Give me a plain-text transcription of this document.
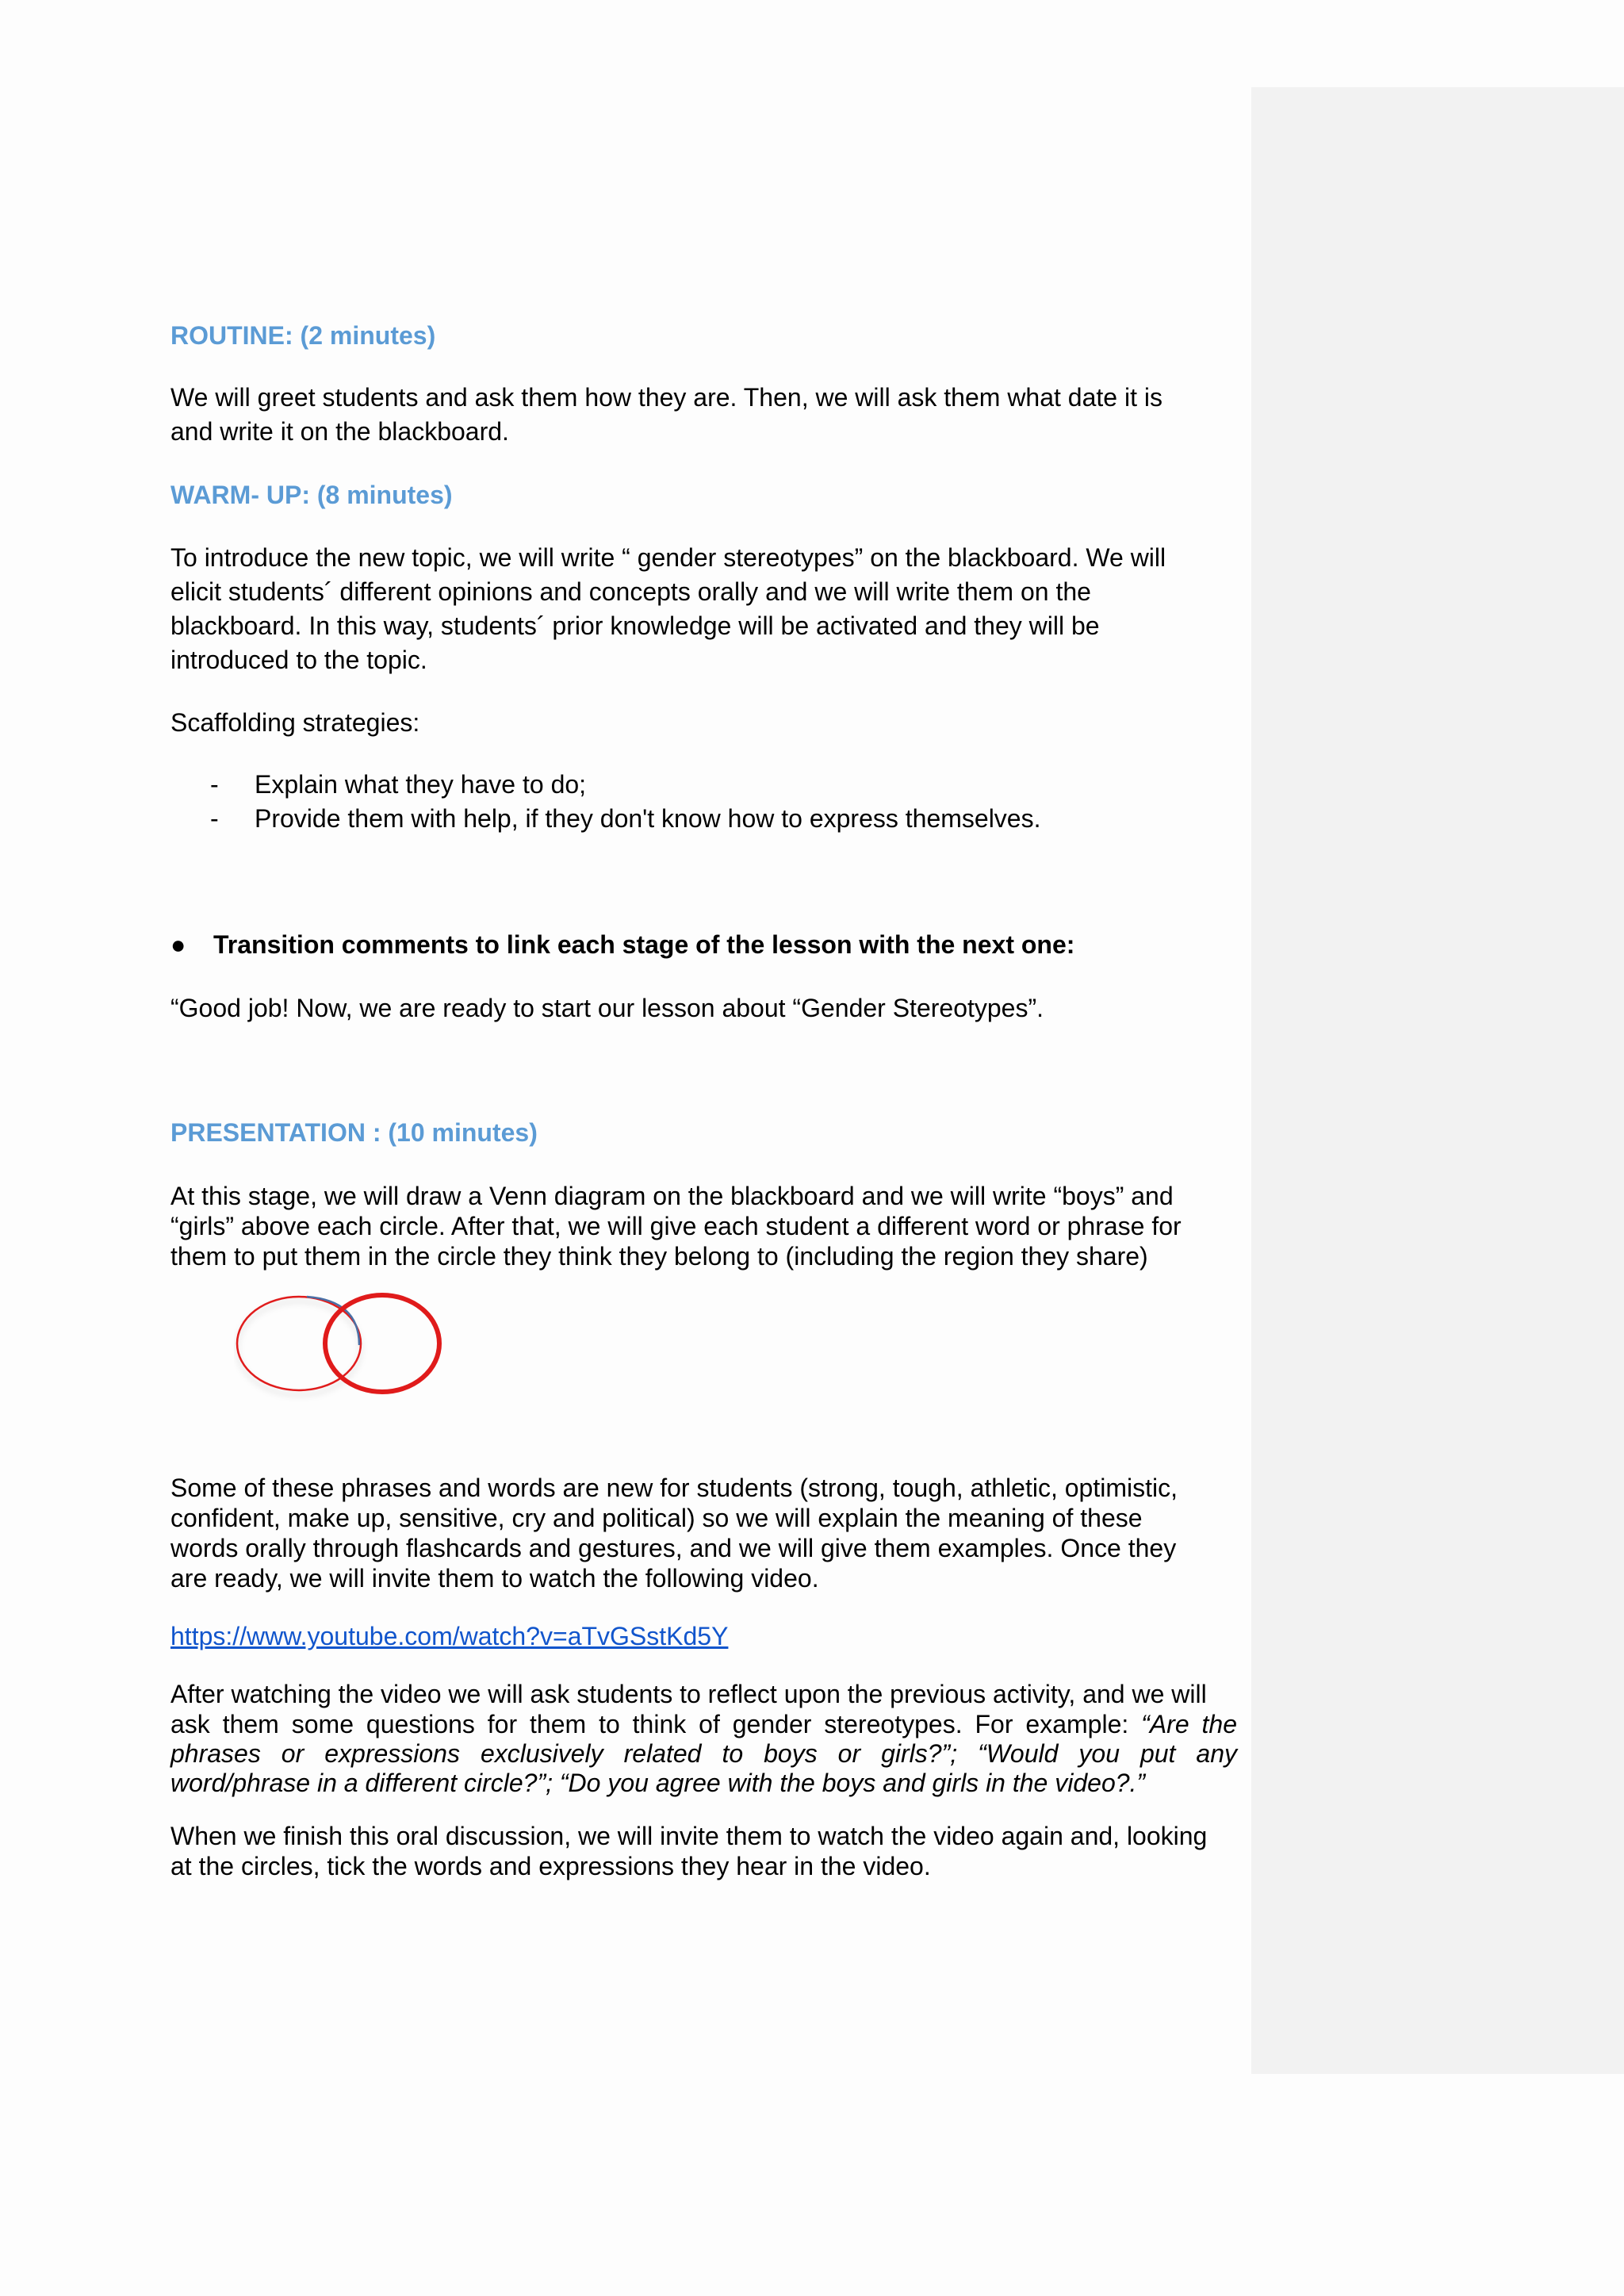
ROUTINE: (2 minutes)

We will greet students and ask them how they are. Then, we will ask them what date it is

and write it on the blackboard.

WARM- UP: (8 minutes)

To introduce the new topic, we will write “ gender stereotypes” on the blackboard. We will

elicit students´ different opinions and concepts orally and we will write them on the

blackboard. In this way, students´ prior knowledge will be activated and they will be

introduced to the topic.

Scaffolding strategies:

- Explain what they have to do;
- Provide them with help, if they don't know how to express themselves.
● Transition comments to link each stage of the lesson with the next one:

“Good job! Now, we are ready to start our lesson about “Gender Stereotypes”.

PRESENTATION : (10 minutes)

At this stage, we will draw a Venn diagram on the blackboard and we will write “boys” and

“girls” above each circle. After that, we will give each student a different word or phrase for

them to put them in the circle they think they belong to (including the region they share)

Some of these phrases and words are new for students (strong, tough, athletic, optimistic,

confident, make up, sensitive, cry and political) so we will explain the meaning of these

words orally through flashcards and gestures, and we will give them examples. Once they

are ready, we will invite them to watch the following video.

https://www.youtube.com/watch?v=aTvGSstKd5Y

After watching the video we will ask students to reflect upon the previous activity, and we will

ask them some questions for them to think of gender stereotypes. For example: “Are the

phrases or expressions exclusively related to boys or girls?”; “Would you put any

word/phrase in a different circle?”; “Do you agree with the boys and girls in the video?.”

When we finish this oral discussion, we will invite them to watch the video again and, looking

at the circles, tick the words and expressions they hear in the video.
